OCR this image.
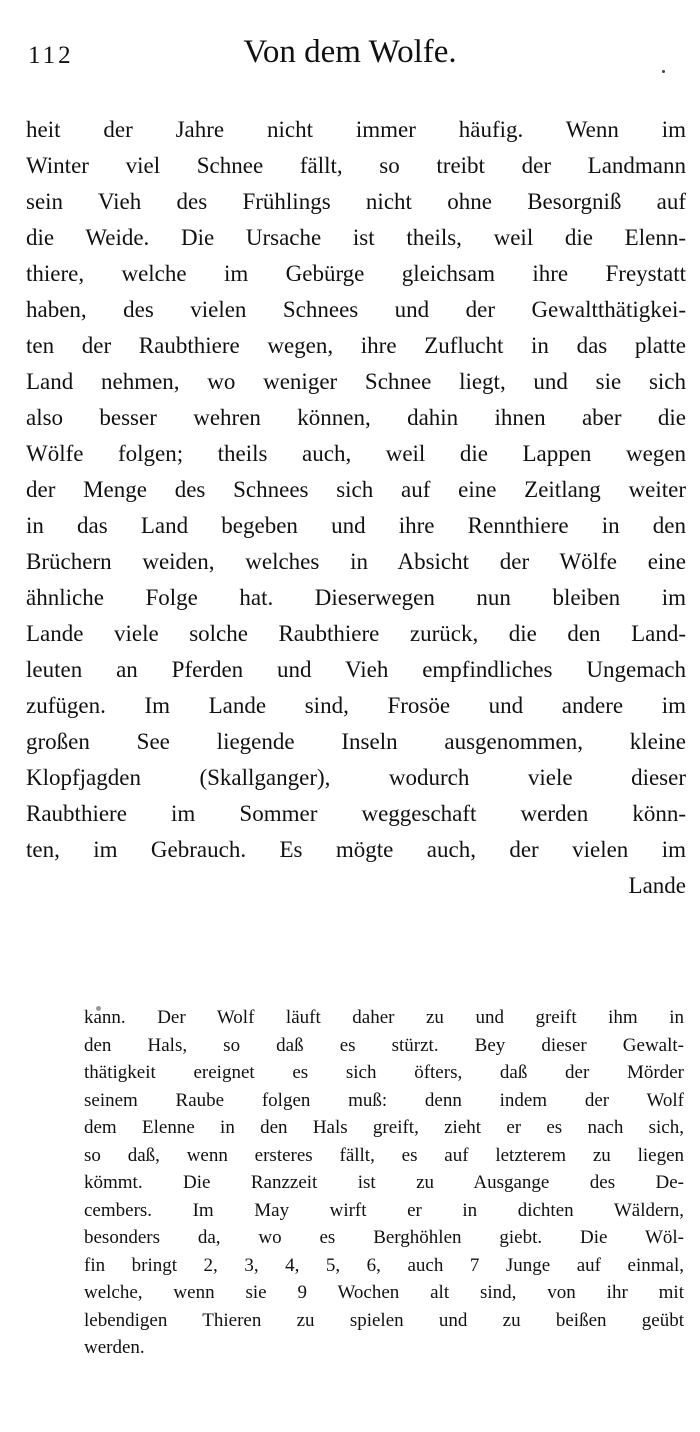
112	Von dem Wolfe.
heit der Jahre nicht immer häufig. Wenn im
Winter viel Schnee fällt, so treibt der Landmann
sein Vieh des Frühlings nicht ohne Besorgniß auf
die Weide. Die Ursache ist theils, weil die Elenn-
thiere, welche im Gebürge gleichsam ihre Freystatt
haben, des vielen Schnees und der Gewaltthätigkei-
ten der Raubthiere wegen, ihre Zuflucht in das platte
Land nehmen, wo weniger Schnee liegt, und sie sich
also besser wehren können, dahin ihnen aber die
Wölfe folgen; theils auch, weil die Lappen wegen
der Menge des Schnees sich auf eine Zeitlang weiter
in das Land begeben und ihre Rennthiere in den
Brüchern weiden, welches in Absicht der Wölfe eine
ähnliche Folge hat. Dieserwegen nun bleiben im
Lande viele solche Raubthiere zurück, die den Land-
leuten an Pferden und Vieh empfindliches Ungemach
zufügen. Im Lande sind, Frosöe und andere im
großen See liegende Inseln ausgenommen, kleine
Klopfjagden (Skallganger), wodurch viele dieser
Raubthiere im Sommer weggeschaft werden könn-
ten, im Gebrauch. Es mögte auch, der vielen im
Lande
kann. Der Wolf läuft daher zu und greift ihm in
den Hals, so daß es stürzt. Bey dieser Gewalt-
thätigkeit ereignet es sich öfters, daß der Mörder
seinem Raube folgen muß: denn indem der Wolf
dem Elenne in den Hals greift, zieht er es nach sich,
so daß, wenn ersteres fällt, es auf letzterem zu liegen
kömmt. Die Ranzzeit ist zu Ausgange des De-
cembers. Im May wirft er in dichten Wäldern,
besonders da, wo es Berghöhlen giebt. Die Wöl-
fin bringt 2, 3, 4, 5, 6, auch 7 Junge auf einmal,
welche, wenn sie 9 Wochen alt sind, von ihr mit
lebendigen Thieren zu spielen und zu beißen geübt
werden.
